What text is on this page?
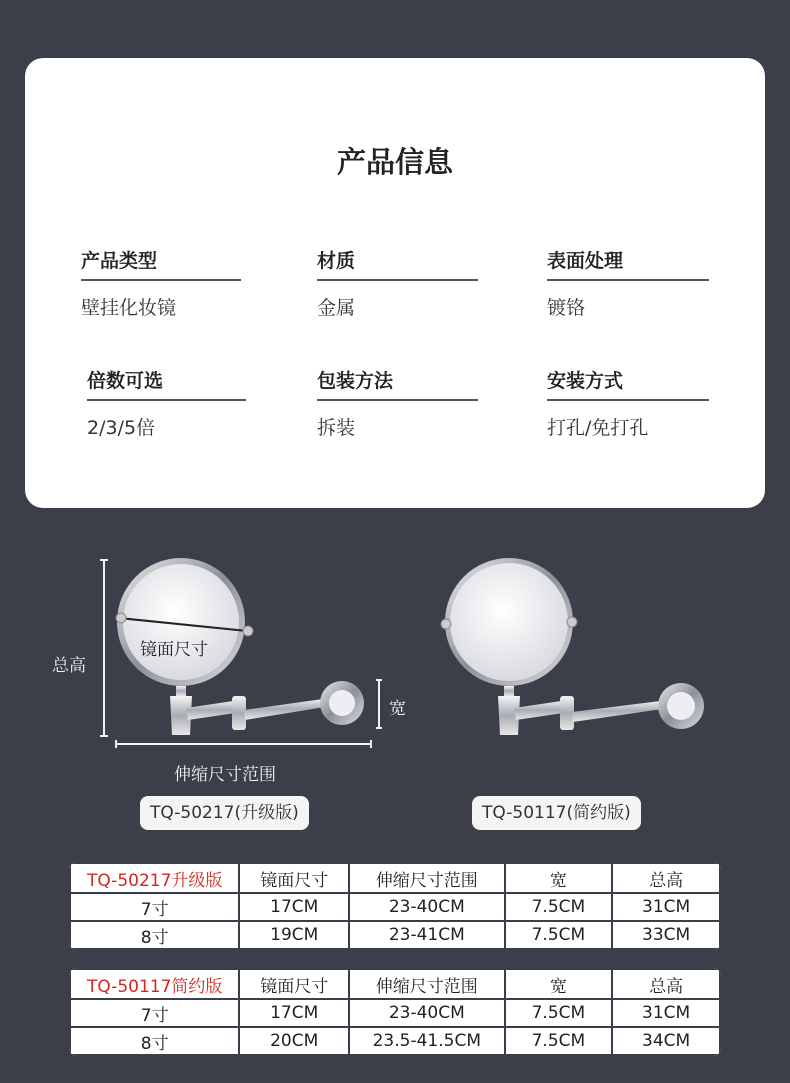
产品信息
产品类型
壁挂化妆镜
材质
金属
表面处理
镀铬
倍数可选
2/3/5倍
包装方法
拆装
安装方式
打孔/免打孔
总高
镜面尺寸
宽
伸缩尺寸范围
TQ-50217(升级版)	TQ-50117(简约版)
TQ-50217升级版	镜面尺寸	伸缩尺寸范围	宽	总高
7寸	17CM	23-40CM	7.5CM	31CM
8寸	19CM	23-41CM	7.5CM	33CM
TQ-50117简约版	镜面尺寸	伸缩尺寸范围	宽	总高
7寸	17CM	23-40CM	7.5CM	31CM
8寸	20CM	23.5-41.5CM	7.5CM	34CM
